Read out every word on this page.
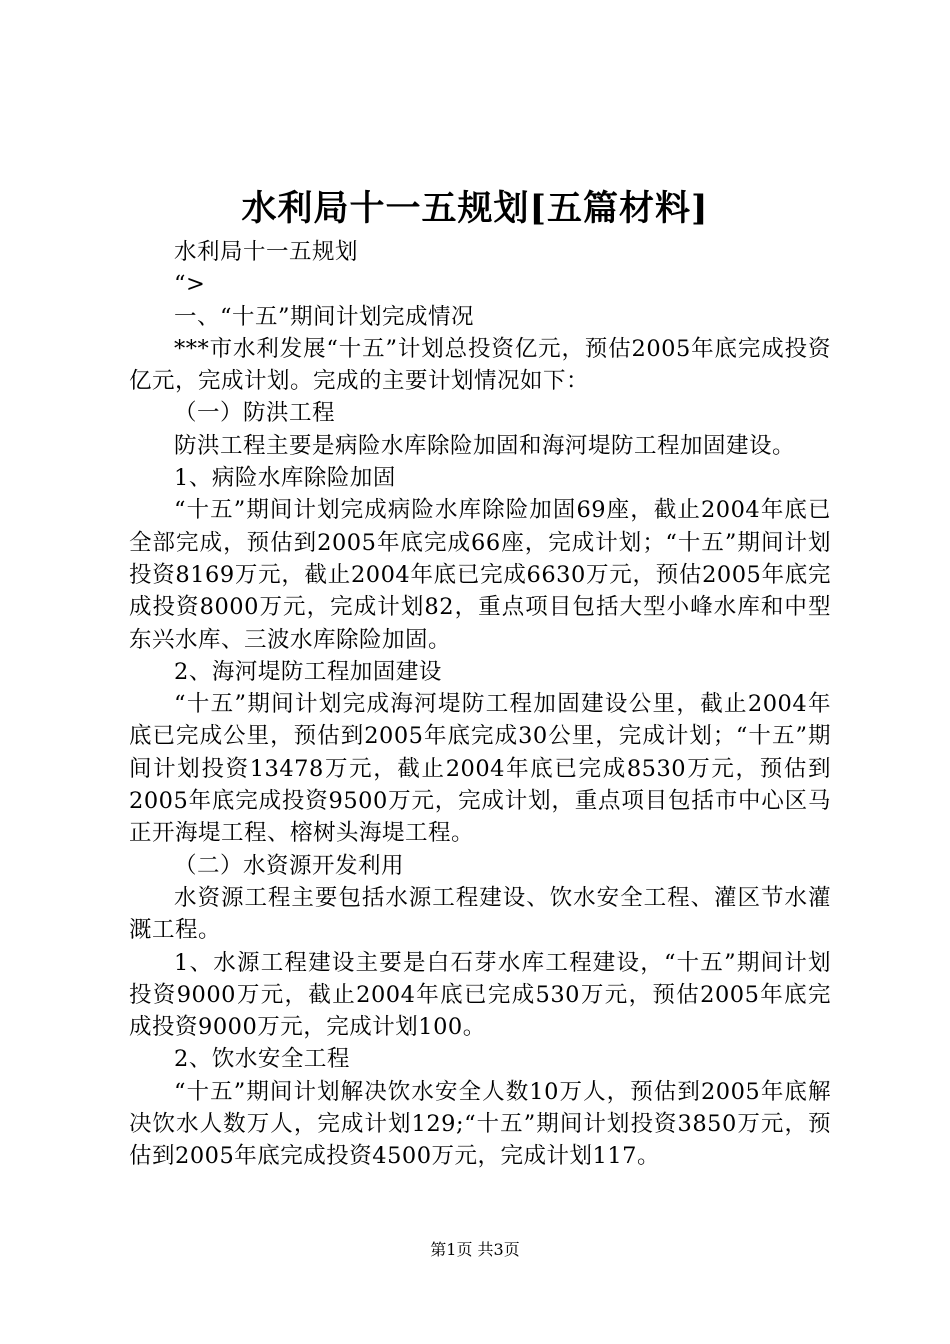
水利局十一五规划[五篇材料]

水利局十一五规划

“>

一、“十五”期间计划完成情况

***市水利发展“十五”计划总投资亿元，预估2005年底完成投资亿元，完成计划。完成的主要计划情况如下：

（一）防洪工程

防洪工程主要是病险水库除险加固和海河堤防工程加固建设。

1、病险水库除险加固

“十五”期间计划完成病险水库除险加固69座，截止2004年底已全部完成，预估到2005年底完成66座，完成计划；“十五”期间计划投资8169万元，截止2004年底已完成6630万元，预估2005年底完成投资8000万元，完成计划82，重点项目包括大型小峰水库和中型东兴水库、三波水库除险加固。

2、海河堤防工程加固建设

“十五”期间计划完成海河堤防工程加固建设公里，截止2004年底已完成公里，预估到2005年底完成30公里，完成计划；“十五”期间计划投资13478万元，截止2004年底已完成8530万元，预估到2005年底完成投资9500万元，完成计划，重点项目包括市中心区马正开海堤工程、榕树头海堤工程。

（二）水资源开发利用

水资源工程主要包括水源工程建设、饮水安全工程、灌区节水灌溉工程。

1、水源工程建设主要是白石芽水库工程建设，“十五”期间计划投资9000万元，截止2004年底已完成530万元，预估2005年底完成投资9000万元，完成计划100。

2、饮水安全工程

“十五”期间计划解决饮水安全人数10万人，预估到2005年底解决饮水人数万人，完成计划129;“十五”期间计划投资3850万元，预估到2005年底完成投资4500万元，完成计划117。

第1页 共3页
